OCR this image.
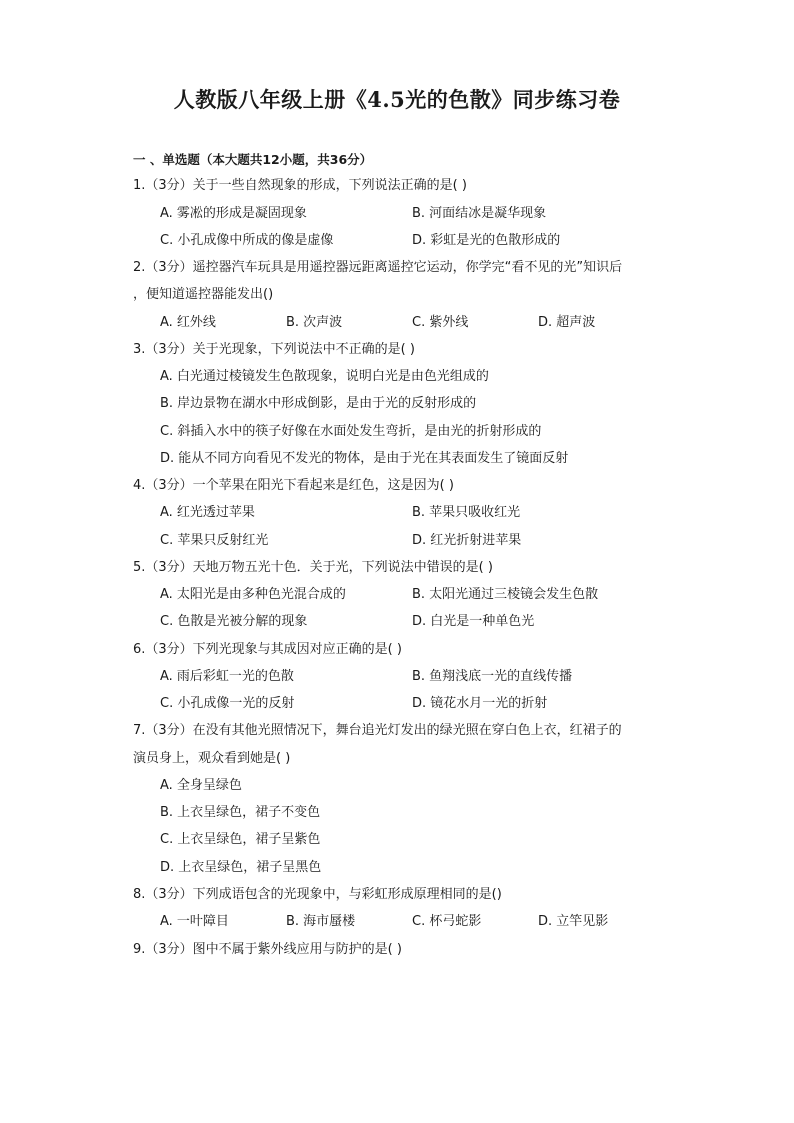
人教版八年级上册《4.5光的色散》同步练习卷
一 、单选题（本大题共12小题，共36分）
1.（3分）关于一些自然现象的形成，下列说法正确的是( )
A. 雾凇的形成是凝固现象	B. 河面结冰是凝华现象
C. 小孔成像中所成的像是虚像	D. 彩虹是光的色散形成的
2.（3分）遥控器汽车玩具是用遥控器远距离遥控它运动，你学完“看不见的光”知识后
，便知道遥控器能发出()
A. 红外线	B. 次声波	C. 紫外线	D. 超声波
3.（3分）关于光现象，下列说法中不正确的是( )
A. 白光通过棱镜发生色散现象，说明白光是由色光组成的
B. 岸边景物在湖水中形成倒影，是由于光的反射形成的
C. 斜插入水中的筷子好像在水面处发生弯折，是由光的折射形成的
D. 能从不同方向看见不发光的物体，是由于光在其表面发生了镜面反射
4.（3分）一个苹果在阳光下看起来是红色，这是因为( )
A. 红光透过苹果	B. 苹果只吸收红光
C. 苹果只反射红光	D. 红光折射进苹果
5.（3分）天地万物五光十色．关于光，下列说法中错误的是( )
A. 太阳光是由多种色光混合成的	B. 太阳光通过三棱镜会发生色散
C. 色散是光被分解的现象	D. 白光是一种单色光
6.（3分）下列光现象与其成因对应正确的是( )
A. 雨后彩虹一光的色散	B. 鱼翔浅底一光的直线传播
C. 小孔成像一光的反射	D. 镜花水月一光的折射
7.（3分）在没有其他光照情况下，舞台追光灯发出的绿光照在穿白色上衣，红裙子的
演员身上，观众看到她是( )
A. 全身呈绿色
B. 上衣呈绿色，裙子不变色
C. 上衣呈绿色，裙子呈紫色
D. 上衣呈绿色，裙子呈黑色
8.（3分）下列成语包含的光现象中，与彩虹形成原理相同的是()
A. 一叶障目	B. 海市蜃楼	C. 杯弓蛇影	D. 立竿见影
9.（3分）图中不属于紫外线应用与防护的是( )
